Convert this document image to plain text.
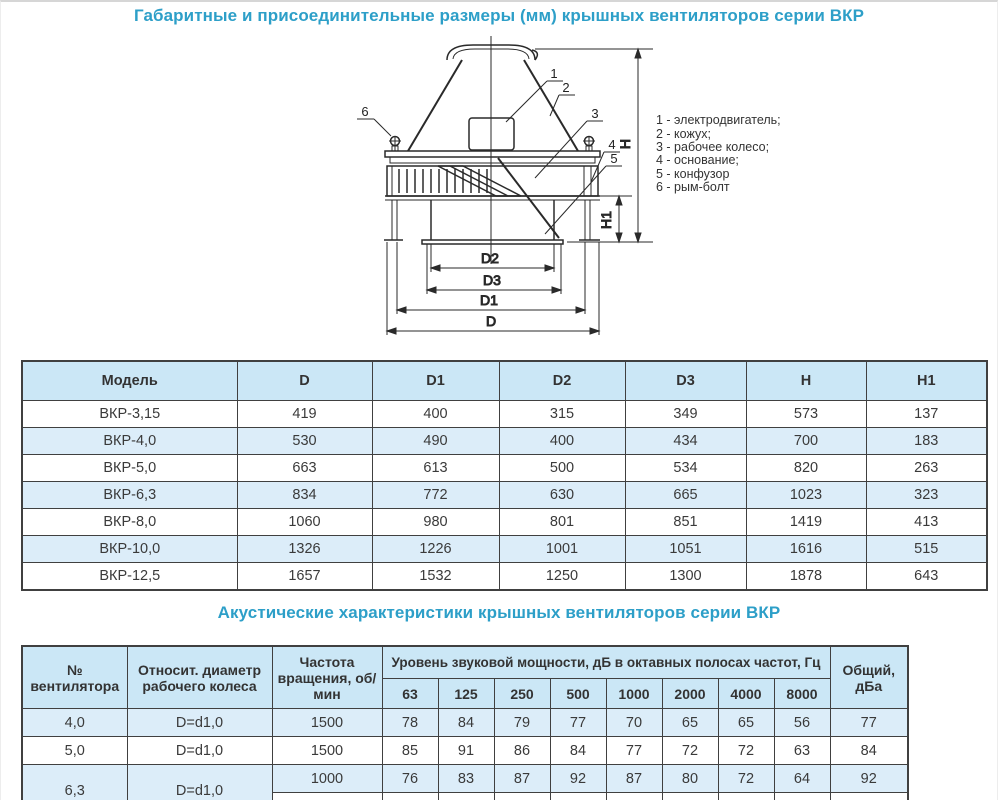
Габаритные и присоединительные размеры (мм) крышных вентиляторов серии ВКР
D2
D3
D1
D
H
H1
1
2
3
4
5
6
1 - электродвигатель;
2 - кожух;
3 - рабочее колесо;
4 - основание;
5 - конфузор
6 - рым-болт
Модель	D	D1	D2	D3	H	H1
ВКР-3,15	419	400	315	349	573	137
ВКР-4,0	530	490	400	434	700	183
ВКР-5,0	663	613	500	534	820	263
ВКР-6,3	834	772	630	665	1023	323
ВКР-8,0	1060	980	801	851	1419	413
ВКР-10,0	1326	1226	1001	1051	1616	515
ВКР-12,5	1657	1532	1250	1300	1878	643
Акустические характеристики крышных вентиляторов серии ВКР
№ вентилятора	Относит. диаметр рабочего колеса	Частота вращения, об/мин	Уровень звуковой мощности, дБ в октавных полосах частот, Гц								Общий, дБа
			63	125	250	500	1000	2000	4000	8000	
4,0	D=d1,0	1500	78	84	79	77	70	65	65	56	77
5,0	D=d1,0	1500	85	91	86	84	77	72	72	63	84
6,3	D=d1,0	1000	76	83	87	92	87	80	72	64	92
